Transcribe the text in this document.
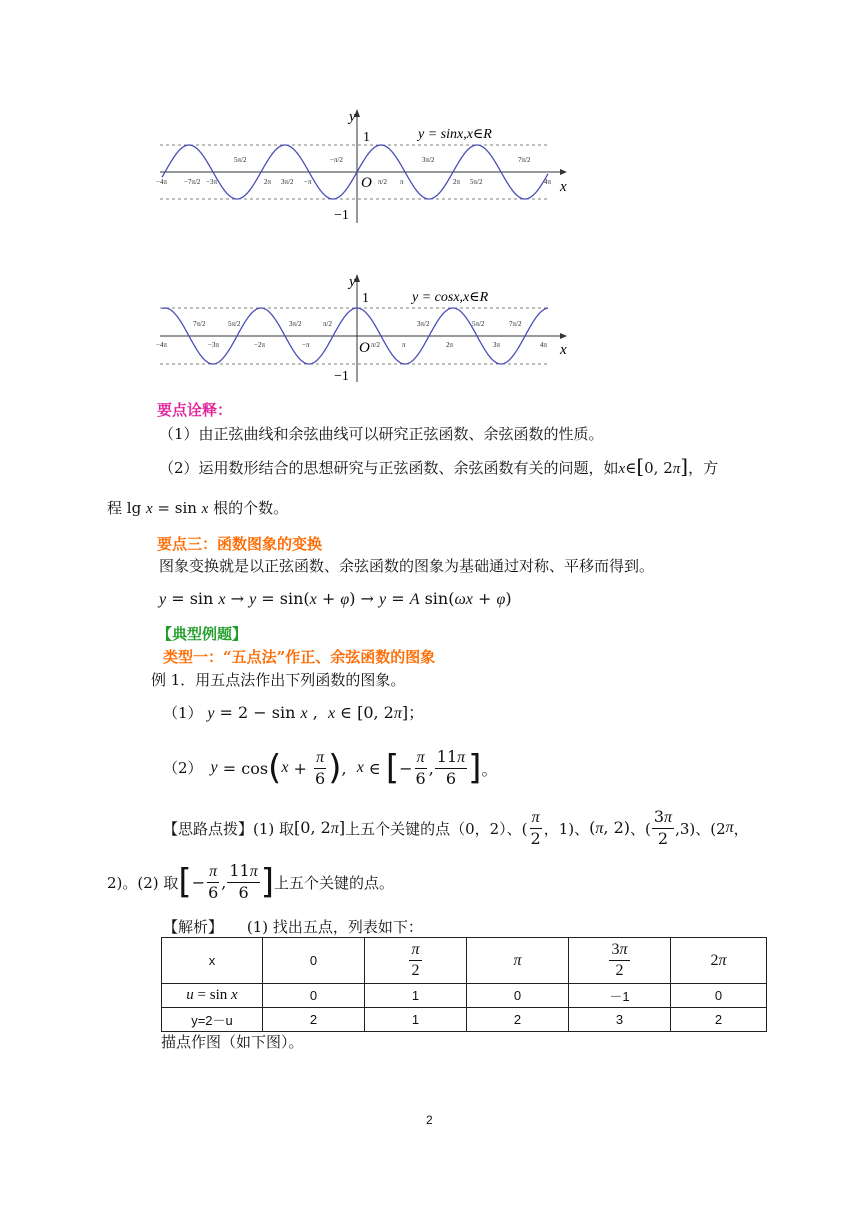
y
x
O
1
−1
y = sinx,x∈R
−4π −7π/2 −3π
5π/2
2π 3π/2 −π
−π/2
π/2 π
3π/2
2π 5π/2
7π/2
4π
y
x
O
1
−1
y = cosx,x∈R
−4π
7π/2	5π/2	3π/2	π/2
−3π	−2π	−π	π/2	π	2π
3π/2	5π/2
3π
7π/2
4π
要点诠释：
（1）由正弦曲线和余弦曲线可以研究正弦函数、余弦函数的性质。
（2）运用数形结合的思想研究与正弦函数、余弦函数有关的问题，如x∈[0, 2π]，方
程 lg x = sin x 根的个数。
要点三：函数图象的变换
图象变换就是以正弦函数、余弦函数的图象为基础通过对称、平移而得到。
y = sin x → y = sin(x + φ) → y = A sin(ωx + φ)
【典型例题】
类型一：“五点法”作正、余弦函数的图象
例 1．用五点法作出下列函数的图象。
（1） y = 2 − sin x ,  x ∈ [0, 2π]；
（2） y = cos ( $x + \frac{\pi}{6}$ ) , x ∈ [ − $\frac{\pi}{6}$ , $\frac{11\pi}{6}$ ] 。
【思路点拨】 (1) 取 [0, 2π] 上五个关键的点（0，2）、( $\frac{\pi}{2}$ ，1)、 (π, 2) 、( $\frac{3\pi}{2} ,3$)、(2 π ，
2)。(2) 取 [ − $\frac{\pi}{6}$ , $\frac{11\pi}{6}$ ] 上五个关键的点。
【解析】 (1) 找出五点，列表如下：
x	0	$\frac{\pi}{2}$	π	$\frac{3\pi}{2}$	2π
u = sin x	0	1	0	－1	0
y=2－u	2	1	2	3	2
描点作图（如下图）。
2
